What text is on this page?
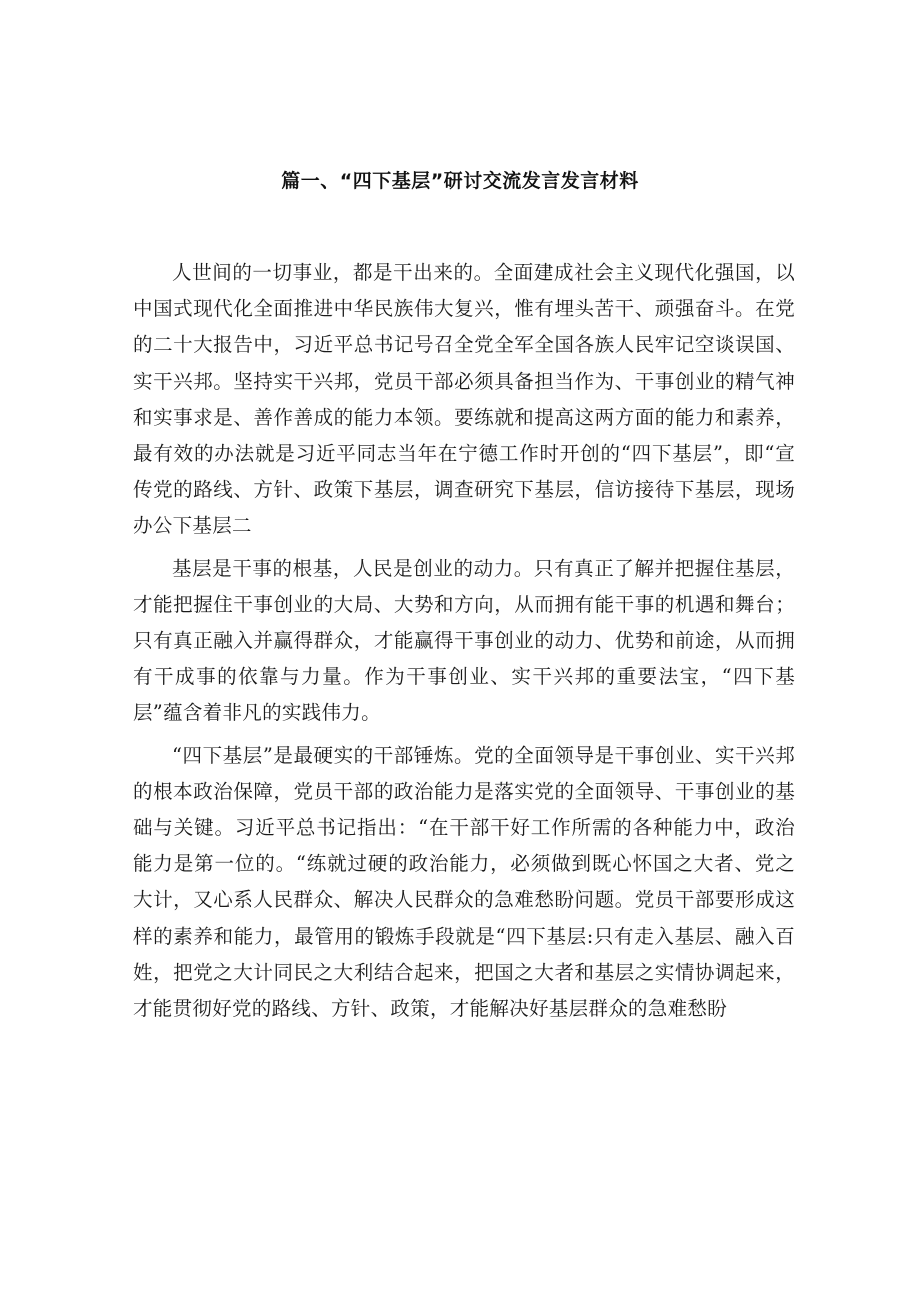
篇一、“四下基层”研讨交流发言发言材料

人世间的一切事业，都是干出来的。全面建成社会主义现代化强国，以中国式现代化全面推进中华民族伟大复兴，惟有埋头苦干、顽强奋斗。在党的二十大报告中，习近平总书记号召全党全军全国各族人民牢记空谈误国、实干兴邦。坚持实干兴邦，党员干部必须具备担当作为、干事创业的精气神和实事求是、善作善成的能力本领。要练就和提高这两方面的能力和素养，最有效的办法就是习近平同志当年在宁德工作时开创的“四下基层”，即“宣传党的路线、方针、政策下基层，调查研究下基层，信访接待下基层，现场办公下基层二

基层是干事的根基，人民是创业的动力。只有真正了解并把握住基层，才能把握住干事创业的大局、大势和方向，从而拥有能干事的机遇和舞台；只有真正融入并赢得群众，才能赢得干事创业的动力、优势和前途，从而拥有干成事的依靠与力量。作为干事创业、实干兴邦的重要法宝，“四下基层”蕴含着非凡的实践伟力。

“四下基层”是最硬实的干部锤炼。党的全面领导是干事创业、实干兴邦的根本政治保障，党员干部的政治能力是落实党的全面领导、干事创业的基础与关键。习近平总书记指出：“在干部干好工作所需的各种能力中，政治能力是第一位的。“练就过硬的政治能力，必须做到既心怀国之大者、党之大计，又心系人民群众、解决人民群众的急难愁盼问题。党员干部要形成这样的素养和能力，最管用的锻炼手段就是“四下基层:只有走入基层、融入百姓，把党之大计同民之大利结合起来，把国之大者和基层之实情协调起来，才能贯彻好党的路线、方针、政策，才能解决好基层群众的急难愁盼
